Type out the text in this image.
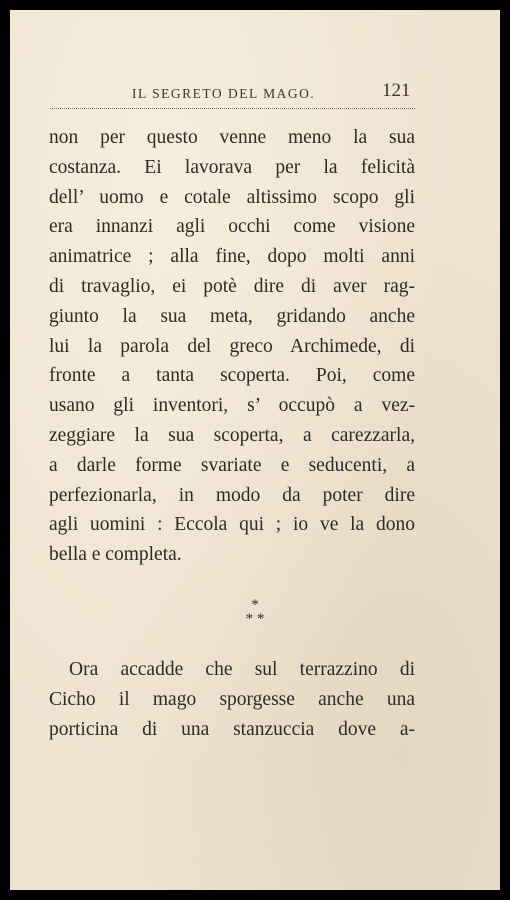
IL SEGRETO DEL MAGO.	121
non per questo venne meno la sua
costanza. Ei lavorava per la felicità
dell’ uomo e cotale altissimo scopo gli
era innanzi agli occhi come visione
animatrice ; alla fine, dopo molti anni
di travaglio, ei potè dire di aver rag-
giunto la sua meta, gridando anche
lui la parola del greco Archimede, di
fronte a tanta scoperta. Poi, come
usano gli inventori, s’ occupò a vez-
zeggiare la sua scoperta, a carezzarla,
a darle forme svariate e seducenti, a
perfezionarla, in modo da poter dire
agli uomini : Eccola qui ; io ve la dono
bella e completa.
*
* *
Ora accadde che sul terrazzino di
Cicho il mago sporgesse anche una
porticina di una stanzuccia dove a-
